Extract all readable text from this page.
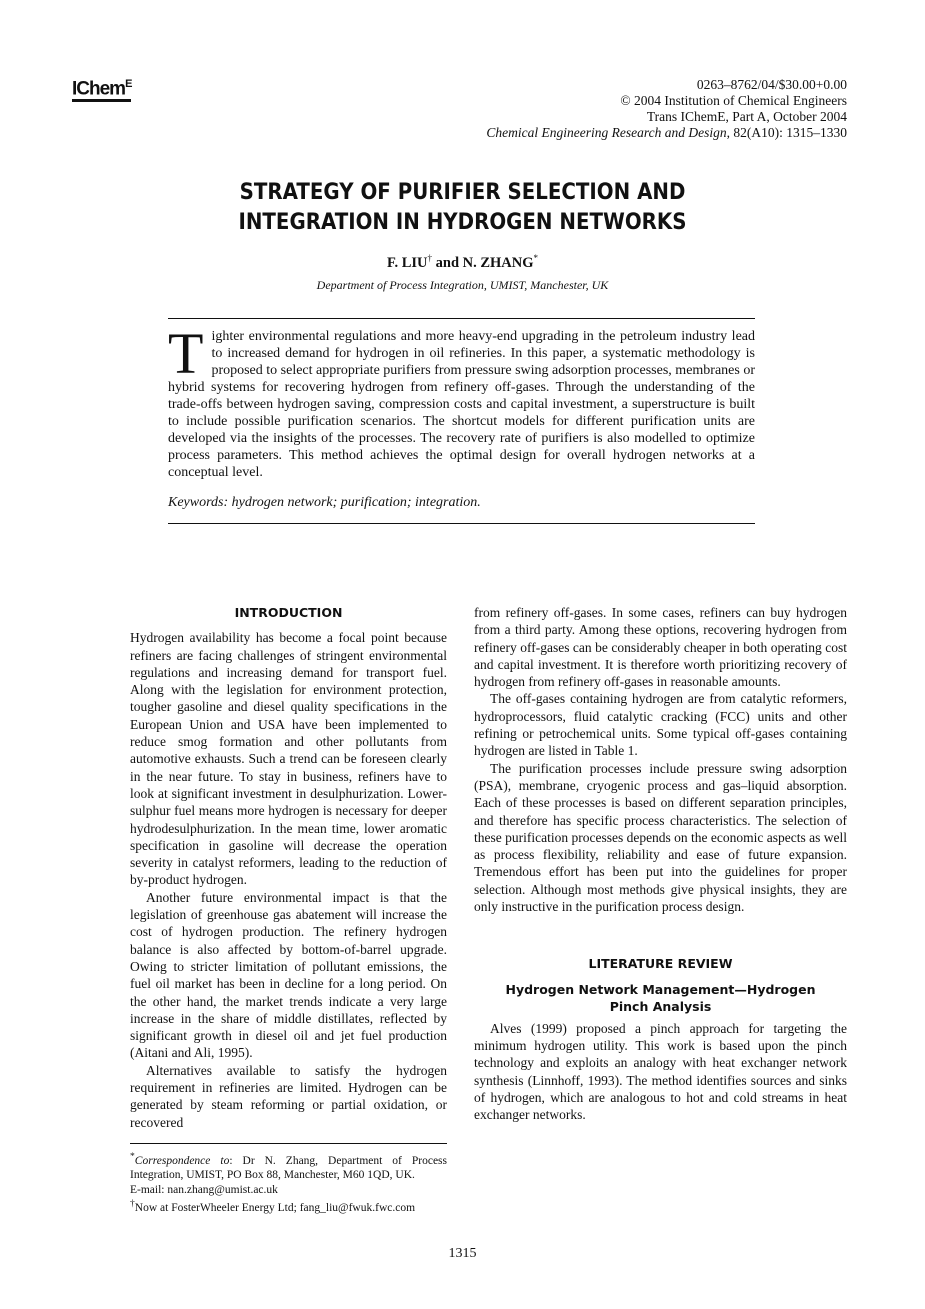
IChem$^E$	0263–8762/04/$30.00+0.00
© 2004 Institution of Chemical Engineers
Trans IChemE, Part A, October 2004
Chemical Engineering Research and Design, 82(A10): 1315–1330
STRATEGY OF PURIFIER SELECTION AND
INTEGRATION IN HYDROGEN NETWORKS
F. LIU† and N. ZHANG*
Department of Process Integration, UMIST, Manchester, UK
Tighter environmental regulations and more heavy-end upgrading in the petroleum industry lead to increased demand for hydrogen in oil refineries. In this paper, a systematic methodology is proposed to select appropriate purifiers from pressure swing adsorption processes, membranes or hybrid systems for recovering hydrogen from refinery off-gases. Through the understanding of the trade-offs between hydrogen saving, compression costs and capital investment, a superstructure is built to include possible purification scenarios. The shortcut models for different purification units are developed via the insights of the processes. The recovery rate of purifiers is also modelled to optimize process parameters. This method achieves the optimal design for overall hydrogen networks at a conceptual level.
Keywords: hydrogen network; purification; integration.
INTRODUCTION

Hydrogen availability has become a focal point because refiners are facing challenges of stringent environmental regulations and increasing demand for transport fuel. Along with the legislation for environment protection, tougher gasoline and diesel quality specifications in the European Union and USA have been implemented to reduce smog formation and other pollutants from automotive exhausts. Such a trend can be foreseen clearly in the near future. To stay in business, refiners have to look at significant investment in desulphurization. Lower-sulphur fuel means more hydrogen is necessary for deeper hydrodesulphurization. In the mean time, lower aromatic specification in gasoline will decrease the operation severity in catalyst reformers, leading to the reduction of by-product hydrogen.

Another future environmental impact is that the legislation of greenhouse gas abatement will increase the cost of hydrogen production. The refinery hydrogen balance is also affected by bottom-of-barrel upgrade. Owing to stricter limitation of pollutant emissions, the fuel oil market has been in decline for a long period. On the other hand, the market trends indicate a very large increase in the share of middle distillates, reflected by significant growth in diesel oil and jet fuel production (Aitani and Ali, 1995).

Alternatives available to satisfy the hydrogen requirement in refineries are limited. Hydrogen can be generated by steam reforming or partial oxidation, or recovered

*Correspondence to: Dr N. Zhang, Department of Process Integration, UMIST, PO Box 88, Manchester, M60 1QD, UK.
E-mail: nan.zhang@umist.ac.uk
†Now at FosterWheeler Energy Ltd; fang_liu@fwuk.fwc.com

from refinery off-gases. In some cases, refiners can buy hydrogen from a third party. Among these options, recovering hydrogen from refinery off-gases can be considerably cheaper in both operating cost and capital investment. It is therefore worth prioritizing recovery of hydrogen from refinery off-gases in reasonable amounts.

The off-gases containing hydrogen are from catalytic reformers, hydroprocessors, fluid catalytic cracking (FCC) units and other refining or petrochemical units. Some typical off-gases containing hydrogen are listed in Table 1.

The purification processes include pressure swing adsorption (PSA), membrane, cryogenic process and gas–liquid absorption. Each of these processes is based on different separation principles, and therefore has specific process characteristics. The selection of these purification processes depends on the economic aspects as well as process flexibility, reliability and ease of future expansion. Tremendous effort has been put into the guidelines for proper selection. Although most methods give physical insights, they are only instructive in the purification process design.

LITERATURE REVIEW
Hydrogen Network Management—Hydrogen
Pinch Analysis

Alves (1999) proposed a pinch approach for targeting the minimum hydrogen utility. This work is based upon the pinch technology and exploits an analogy with heat exchanger network synthesis (Linnhoff, 1993). The method identifies sources and sinks of hydrogen, which are analogous to hot and cold streams in heat exchanger networks.

1315
